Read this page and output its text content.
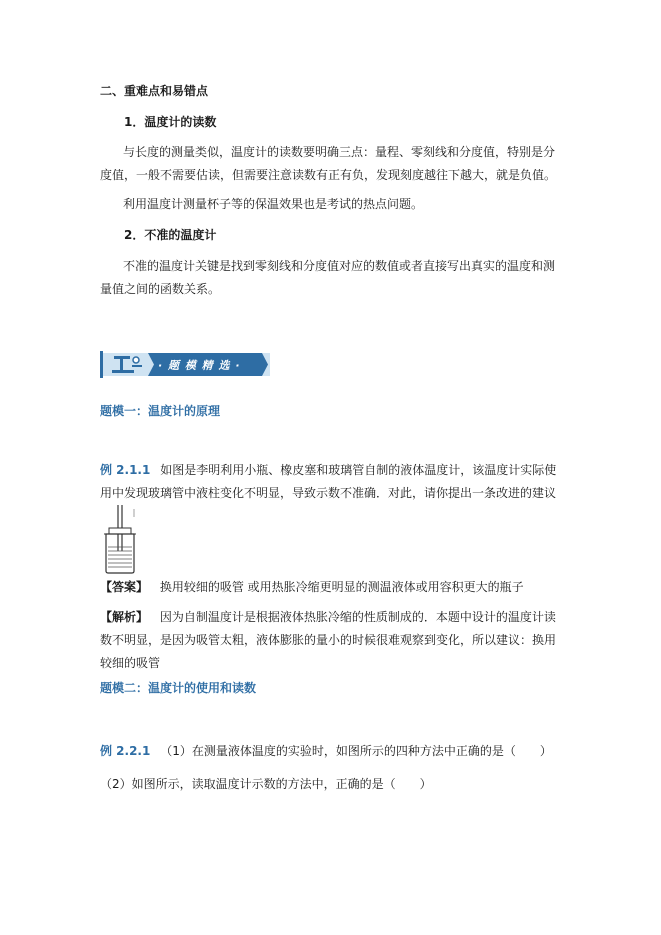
二、重难点和易错点
1．温度计的读数
与长度的测量类似，温度计的读数要明确三点：量程、零刻线和分度值，特别是分度值，一般不需要估读，但需要注意读数有正有负，发现刻度越往下越大，就是负值。
利用温度计测量杯子等的保温效果也是考试的热点问题。
2．不准的温度计
不准的温度计关键是找到零刻线和分度值对应的数值或者直接写出真实的温度和测量值之间的函数关系。
· 题 模 精 选 ·
题模一：温度计的原理
例 2.1.1 如图是李明利用小瓶、橡皮塞和玻璃管自制的液体温度计，该温度计实际使用中发现玻璃管中液柱变化不明显，导致示数不准确．对此，请你提出一条改进的建议
【答案】 换用较细的吸管 或用热胀冷缩更明显的测温液体或用容积更大的瓶子
【解析】 因为自制温度计是根据液体热胀冷缩的性质制成的．本题中设计的温度计读数不明显，是因为吸管太粗，液体膨胀的量小的时候很难观察到变化，所以建议：换用较细的吸管
题模二：温度计的使用和读数
例 2.2.1 （1）在测量液体温度的实验时，如图所示的四种方法中正确的是（　　）
（2）如图所示，读取温度计示数的方法中，正确的是（　　）
